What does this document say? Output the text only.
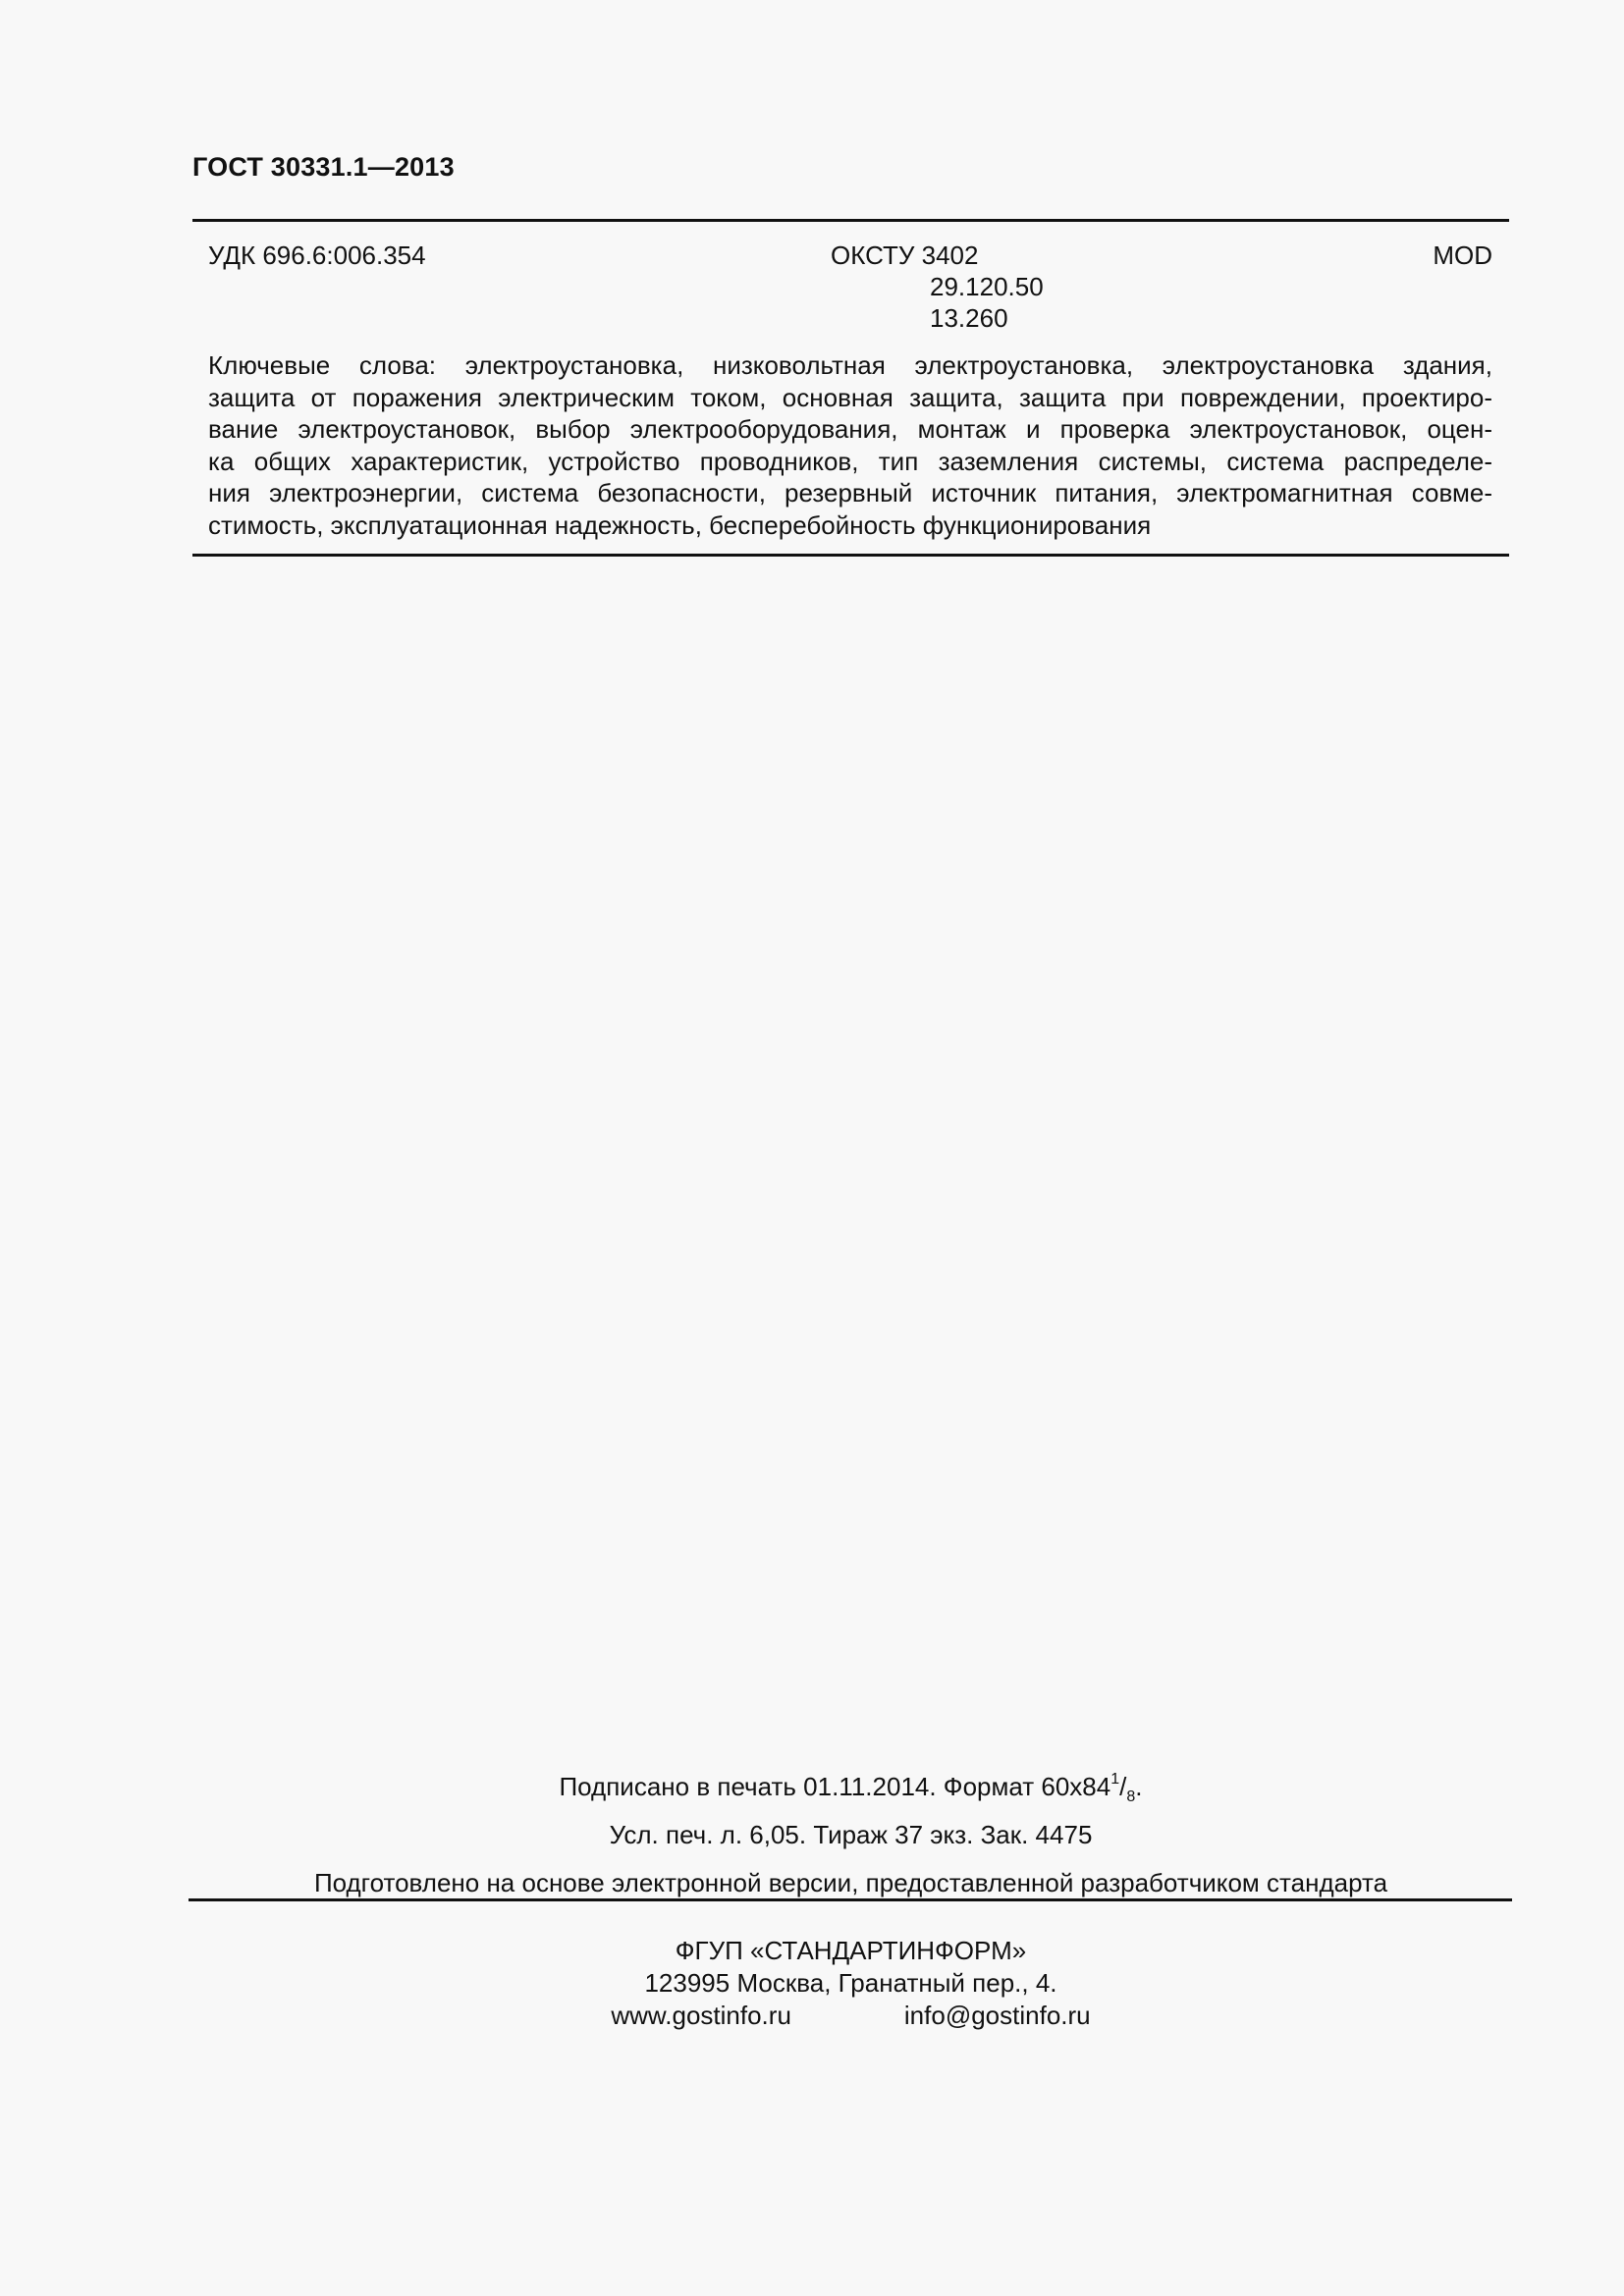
ГОСТ 30331.1—2013
УДК 696.6:006.354	ОКСТУ 3402
29.120.50
13.260
MOD
Ключевые слова: электроустановка, низковольтная электроустановка, электроустановка здания,
защита от поражения электрическим током, основная защита, защита при повреждении, проектиро-
вание электроустановок, выбор электрооборудования, монтаж и проверка электроустановок, оцен-
ка общих характеристик, устройство проводников, тип заземления системы, система распределе-
ния электроэнергии, система безопасности, резервный источник питания, электромагнитная совме-
стимость, эксплуатационная надежность, бесперебойность функционирования
Подписано в печать 01.11.2014. Формат $60х84^1/_8$.
Усл. печ. л. 6,05. Тираж 37 экз. Зак. 4475
Подготовлено на основе электронной версии, предоставленной разработчиком стандарта
ФГУП «СТАНДАРТИНФОРМ»
123995 Москва, Гранатный пер., 4.
www.gostinfo.ru	info@gostinfo.ru
